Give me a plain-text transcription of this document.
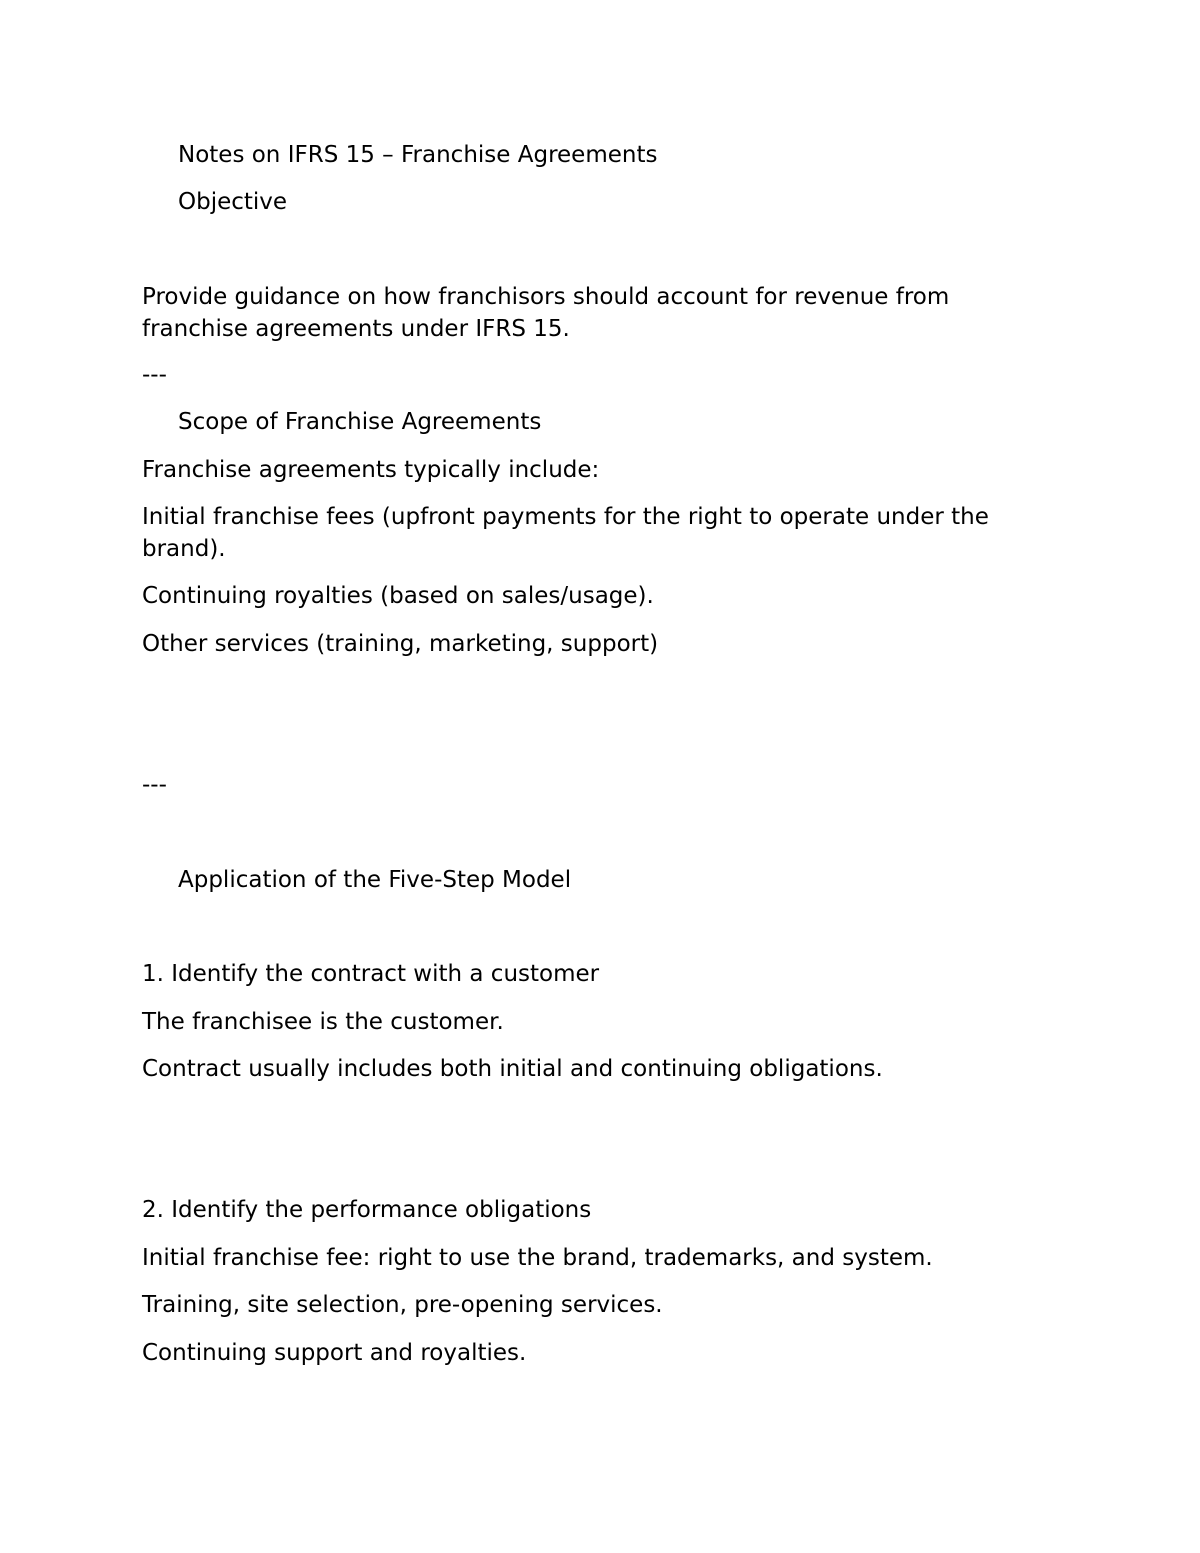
Notes on IFRS 15 – Franchise Agreements
Objective

Provide guidance on how franchisors should account for revenue from franchise agreements under IFRS 15.

---

Scope of Franchise Agreements

Franchise agreements typically include:

Initial franchise fees (upfront payments for the right to operate under the brand).

Continuing royalties (based on sales/usage).

Other services (training, marketing, support)

---

Application of the Five-Step Model
1. Identify the contract with a customer

The franchisee is the customer.

Contract usually includes both initial and continuing obligations.

2. Identify the performance obligations

Initial franchise fee: right to use the brand, trademarks, and system.

Training, site selection, pre-opening services.

Continuing support and royalties.
